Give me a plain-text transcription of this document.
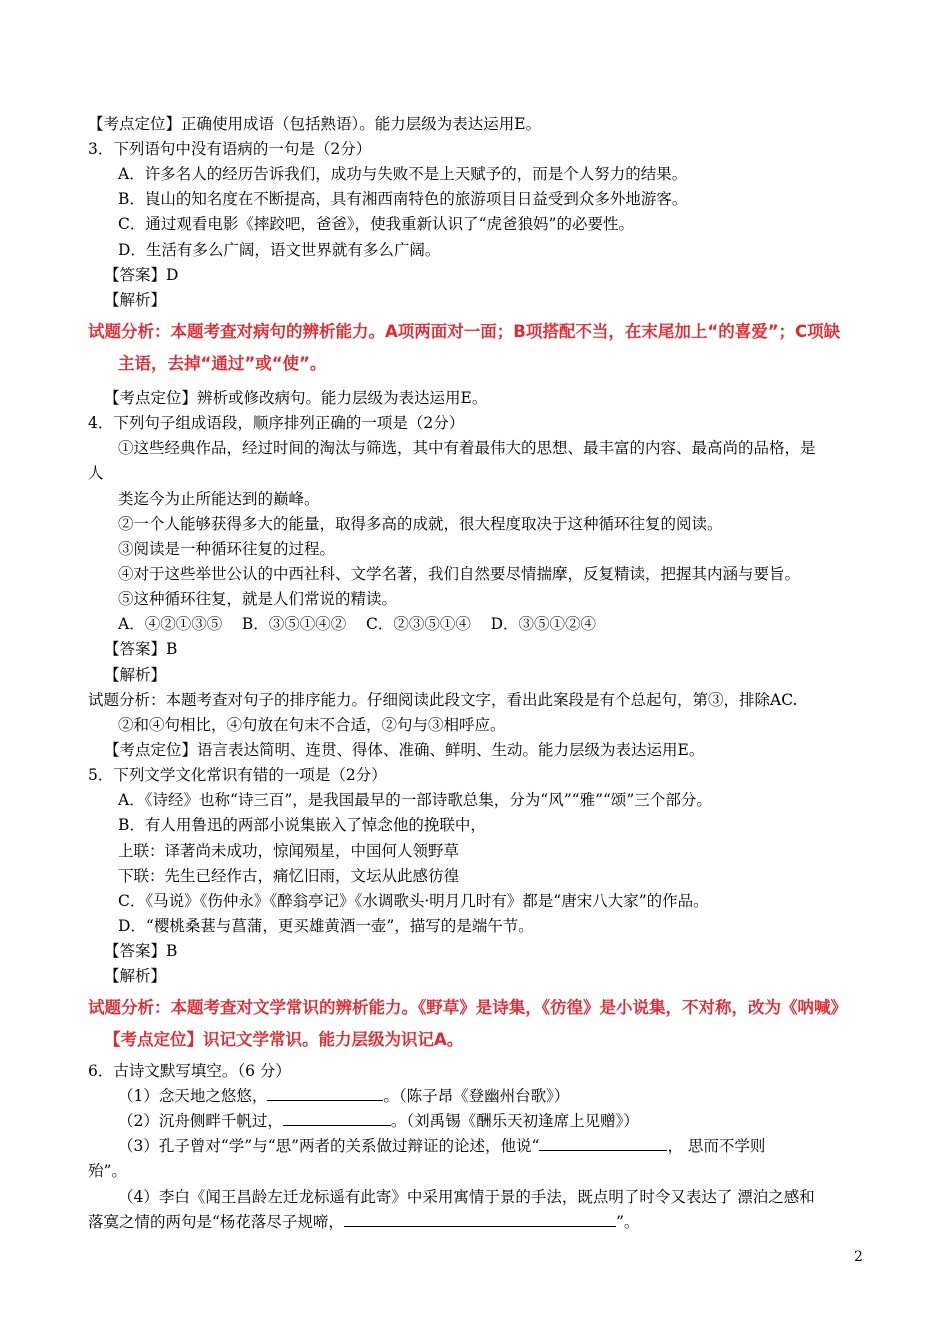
【考点定位】正确使用成语（包括熟语）。能力层级为表达运用E。
3．下列语句中没有语病的一句是（2分）
A．许多名人的经历告诉我们，成功与失败不是上天赋予的，而是个人努力的结果。
B．崀山的知名度在不断提高，具有湘西南特色的旅游项目日益受到众多外地游客。
C．通过观看电影《摔跤吧，爸爸》，使我重新认识了“虎爸狼妈”的必要性。
D．生活有多么广阔，语文世界就有多么广阔。
【答案】D
【解析】
试题分析：本题考查对病句的辨析能力。A项两面对一面；B项搭配不当，在末尾加上“的喜爱”；C项缺
主语，去掉“通过”或“使”。
【考点定位】辨析或修改病句。能力层级为表达运用E。
4．下列句子组成语段，顺序排列正确的一项是（2分）
①这些经典作品，经过时间的淘汰与筛选，其中有着最伟大的思想、最丰富的内容、最高尚的品格，是
人
类迄今为止所能达到的巅峰。
②一个人能够获得多大的能量，取得多高的成就，很大程度取决于这种循环往复的阅读。
③阅读是一种循环往复的过程。
④对于这些举世公认的中西社科、文学名著，我们自然要尽情揣摩，反复精读，把握其内涵与要旨。
⑤这种循环往复，就是人们常说的精读。
A．④②①③⑤    B．③⑤①④②    C．②③⑤①④    D．③⑤①②④
【答案】B
【解析】
试题分析：本题考查对句子的排序能力。仔细阅读此段文字，看出此案段是有个总起句，第③，排除AC.
②和④句相比，④句放在句末不合适，②句与③相呼应。
【考点定位】语言表达简明、连贯、得体、准确、鲜明、生动。能力层级为表达运用E。
5．下列文学文化常识有错的一项是（2分）
A．《诗经》也称“诗三百”，是我国最早的一部诗歌总集，分为“风”“雅”“颂”三个部分。
B．有人用鲁迅的两部小说集嵌入了悼念他的挽联中，
上联：译著尚未成功，惊闻殒星，中国何人领野草
下联：先生已经作古，痛忆旧雨，文坛从此感彷徨
C．《马说》《伤仲永》《醉翁亭记》《水调歌头·明月几时有》都是“唐宋八大家”的作品。
D．“樱桃桑葚与菖蒲，更买雄黄酒一壶”，描写的是端午节。
【答案】B
【解析】
试题分析：本题考查对文学常识的辨析能力。《野草》是诗集，《彷徨》是小说集，不对称，改为《呐喊》
【考点定位】识记文学常识。能力层级为识记A。
6．古诗文默写填空。（6 分）
（1）念天地之悠悠，	。（陈子昂《登幽州台歌》）
（2）沉舟侧畔千帆过，	。（刘禹锡《酬乐天初逢席上见赠》）
（3）孔子曾对“学”与“思”两者的关系做过辩证的论述，他说“	， 思而不学则
殆”。
（4）李白《闻王昌龄左迁龙标遥有此寄》中采用寓情于景的手法，既点明了时令又表达了 漂泊之感和
落寞之情的两句是“杨花落尽子规啼，	”。
2
